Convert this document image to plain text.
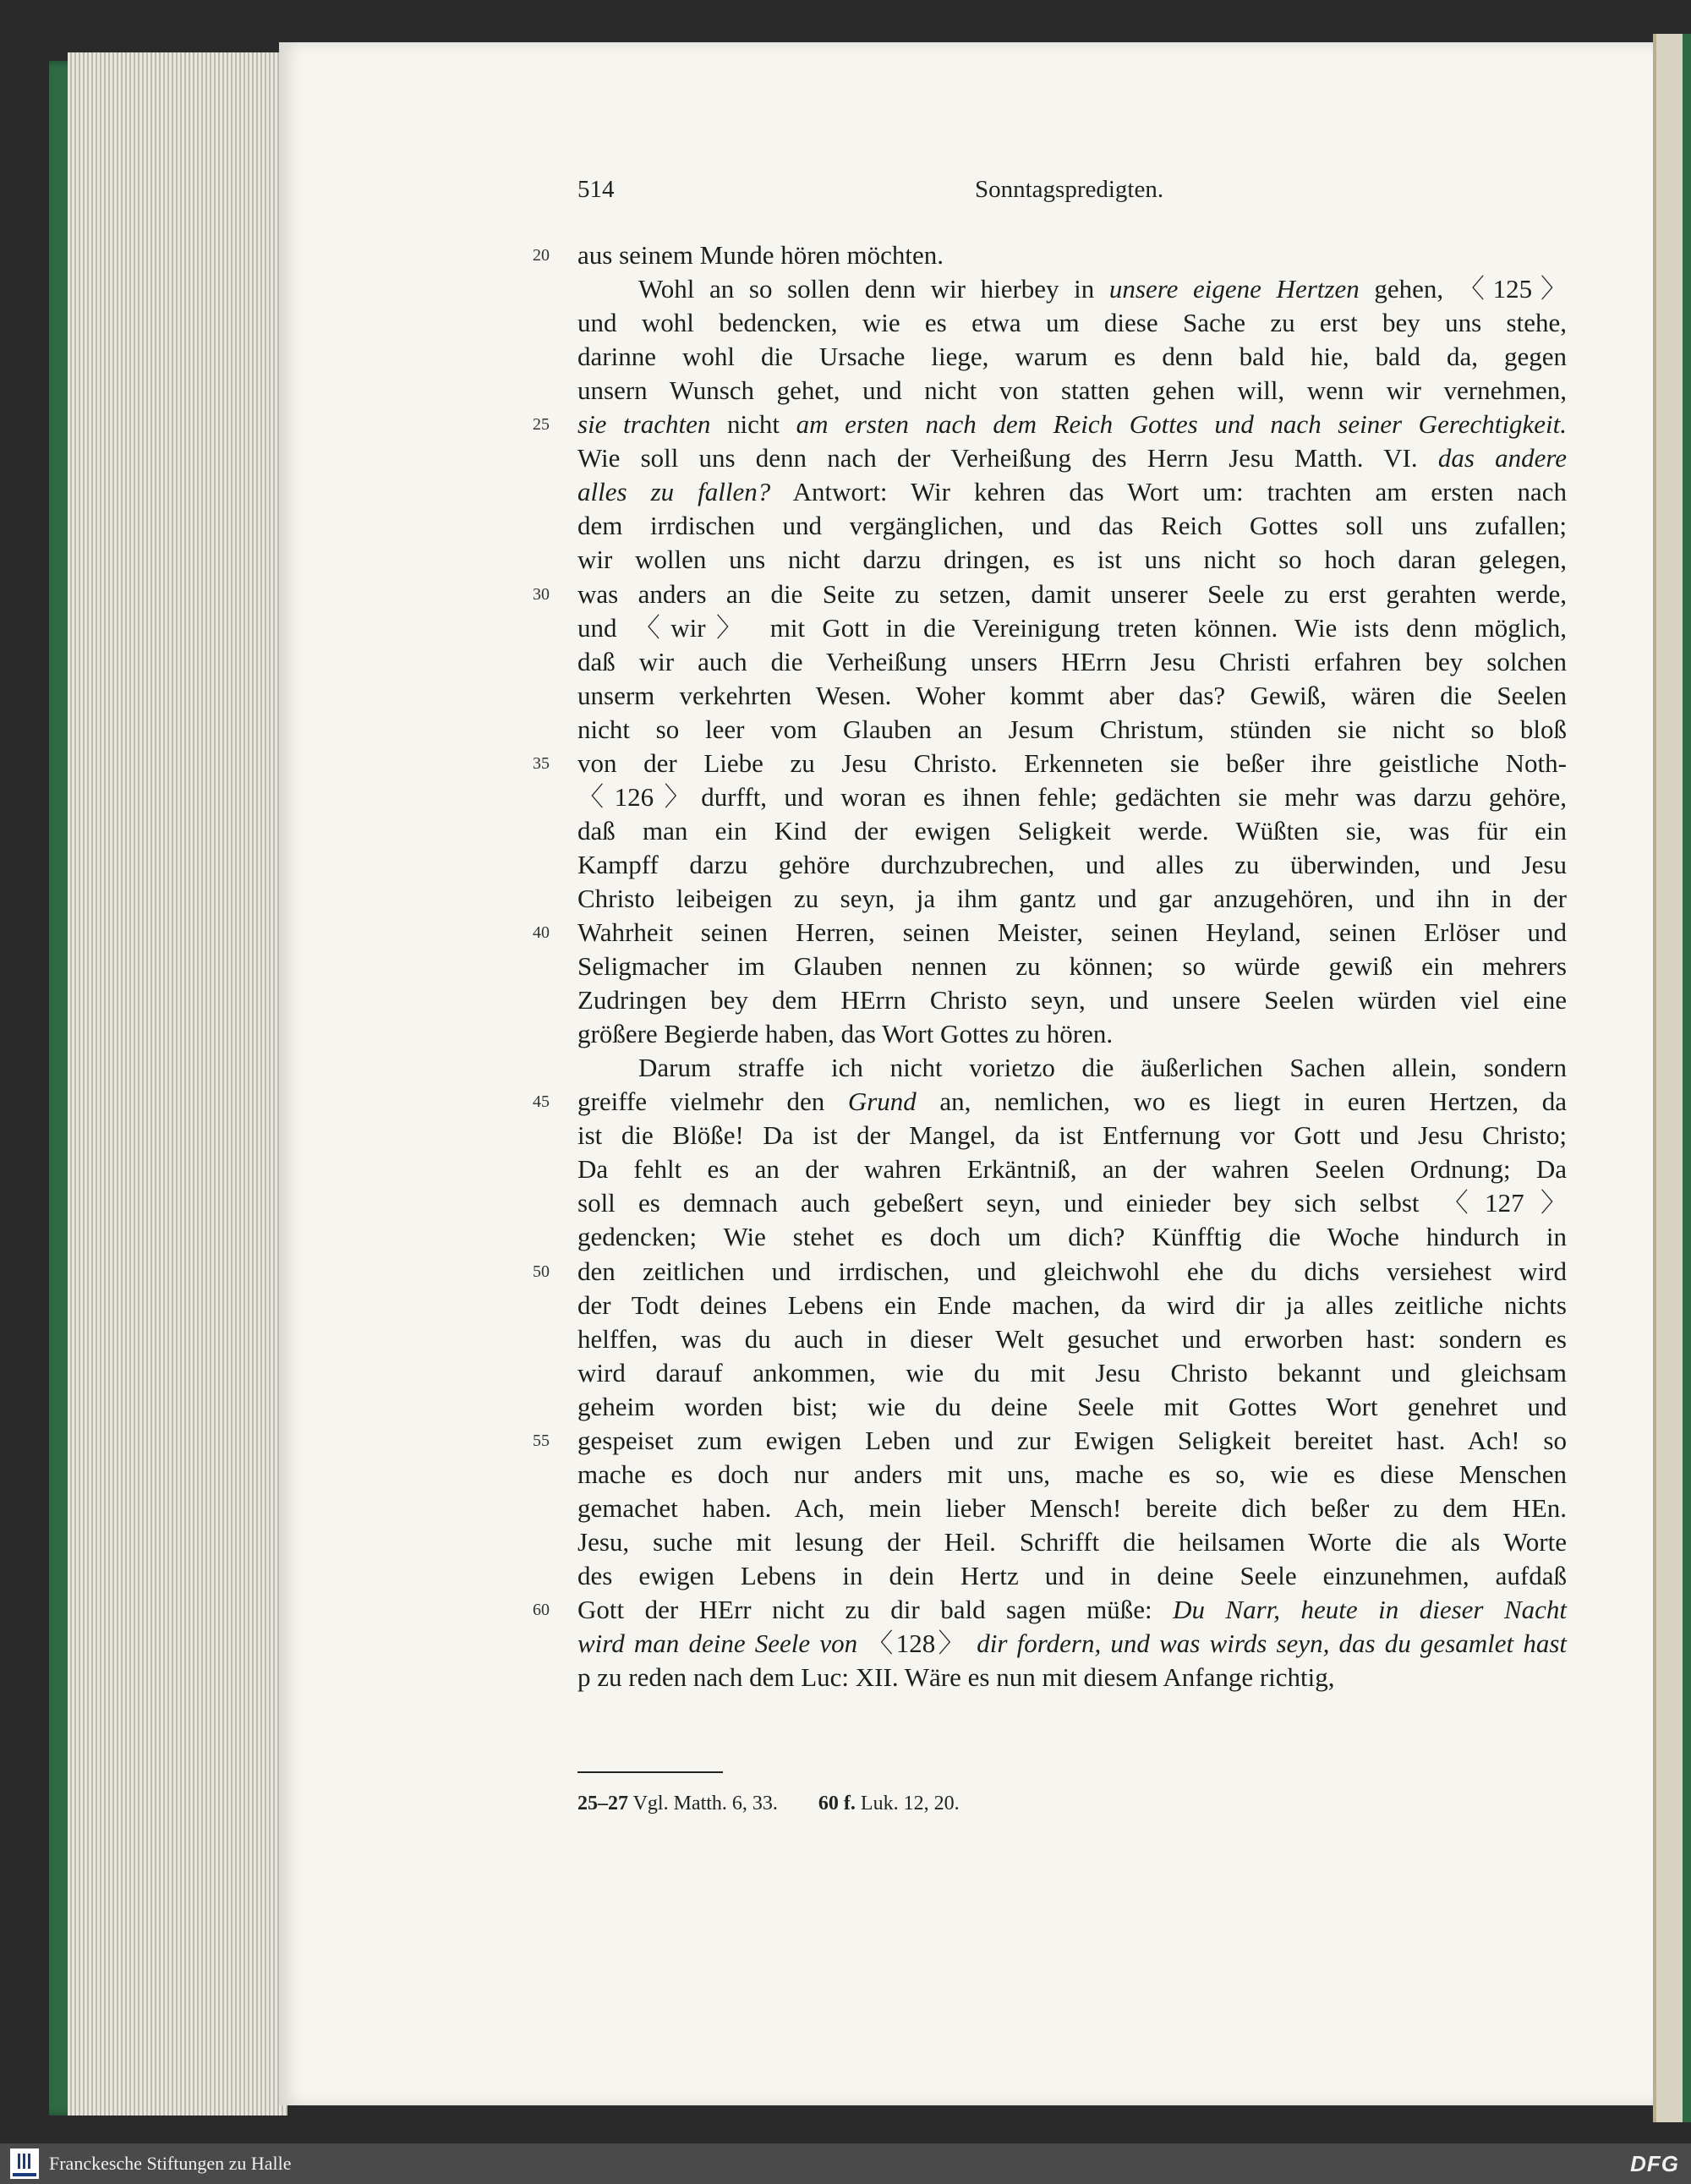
514	Sonntagspredigten.
aus seinem Munde hören möchten.
20
Wohl an so sollen denn wir hierbey in unsere eigene Hertzen gehen, 〈125〉
und wohl bedencken, wie es etwa um diese Sache zu erst bey uns stehe,
darinne wohl die Ursache liege, warum es denn bald hie, bald da, gegen
unsern Wunsch gehet, und nicht von statten gehen will, wenn wir vernehmen,
sie trachten nicht am ersten nach dem Reich Gottes und nach seiner Gerechtigkeit.
25
Wie soll uns denn nach der Verheißung des Herrn Jesu Matth. VI. das andere
alles zu fallen? Antwort: Wir kehren das Wort um: trachten am ersten nach
dem irrdischen und vergänglichen, und das Reich Gottes soll uns zufallen;
wir wollen uns nicht darzu dringen, es ist uns nicht so hoch daran gelegen,
was anders an die Seite zu setzen, damit unserer Seele zu erst gerahten werde,
30
und 〈wir〉 mit Gott in die Vereinigung treten können. Wie ists denn möglich,
daß wir auch die Verheißung unsers HErrn Jesu Christi erfahren bey solchen
unserm verkehrten Wesen. Woher kommt aber das? Gewiß, wären die Seelen
nicht so leer vom Glauben an Jesum Christum, stünden sie nicht so bloß
von der Liebe zu Jesu Christo. Erkenneten sie beßer ihre geistliche Noth-
35
〈126〉durfft, und woran es ihnen fehle; gedächten sie mehr was darzu gehöre,
daß man ein Kind der ewigen Seligkeit werde. Wüßten sie, was für ein
Kampff darzu gehöre durchzubrechen, und alles zu überwinden, und Jesu
Christo leibeigen zu seyn, ja ihm gantz und gar anzugehören, und ihn in der
Wahrheit seinen Herren, seinen Meister, seinen Heyland, seinen Erlöser und
40
Seligmacher im Glauben nennen zu können; so würde gewiß ein mehrers
Zudringen bey dem HErrn Christo seyn, und unsere Seelen würden viel eine
größere Begierde haben, das Wort Gottes zu hören.
Darum straffe ich nicht vorietzo die äußerlichen Sachen allein, sondern
greiffe vielmehr den Grund an, nemlichen, wo es liegt in euren Hertzen, da
45
ist die Blöße! Da ist der Mangel, da ist Entfernung vor Gott und Jesu Christo;
Da fehlt es an der wahren Erkäntniß, an der wahren Seelen Ordnung; Da
soll es demnach auch gebeßert seyn, und einieder bey sich selbst 〈127〉
gedencken; Wie stehet es doch um dich? Künfftig die Woche hindurch in
den zeitlichen und irrdischen, und gleichwohl ehe du dichs versiehest wird
50
der Todt deines Lebens ein Ende machen, da wird dir ja alles zeitliche nichts
helffen, was du auch in dieser Welt gesuchet und erworben hast: sondern es
wird darauf ankommen, wie du mit Jesu Christo bekannt und gleichsam
geheim worden bist; wie du deine Seele mit Gottes Wort genehret und
gespeiset zum ewigen Leben und zur Ewigen Seligkeit bereitet hast. Ach! so
55
mache es doch nur anders mit uns, mache es so, wie es diese Menschen
gemachet haben. Ach, mein lieber Mensch! bereite dich beßer zu dem HEn.
Jesu, suche mit lesung der Heil. Schrifft die heilsamen Worte die als Worte
des ewigen Lebens in dein Hertz und in deine Seele einzunehmen, aufdaß
Gott der HErr nicht zu dir bald sagen müße: Du Narr, heute in dieser Nacht
60
wird man deine Seele von 〈128〉 dir fordern, und was wirds seyn, das du gesamlet hast
p zu reden nach dem Luc: XII. Wäre es nun mit diesem Anfange richtig,
25–27 Vgl. Matth. 6, 33. 60 f. Luk. 12, 20.
Franckesche Stiftungen zu Halle	DFG
